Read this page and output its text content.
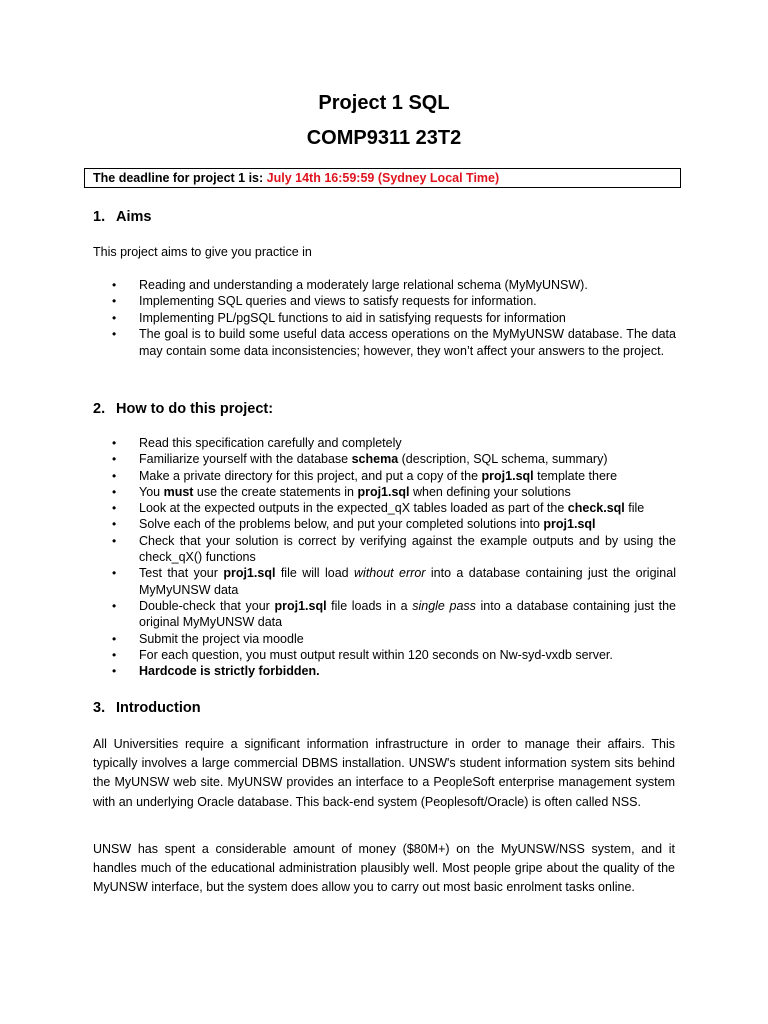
Project 1 SQL
COMP9311 23T2
The deadline for project 1 is: July 14th 16:59:59 (Sydney Local Time)
1. Aims
This project aims to give you practice in
• Reading and understanding a moderately large relational schema (MyMyUNSW).
• Implementing SQL queries and views to satisfy requests for information.
• Implementing PL/pgSQL functions to aid in satisfying requests for information
• The goal is to build some useful data access operations on the MyMyUNSW database. The data may contain some data inconsistencies; however, they won’t affect your answers to the project.
2. How to do this project:
• Read this specification carefully and completely
• Familiarize yourself with the database schema (description, SQL schema, summary)
• Make a private directory for this project, and put a copy of the proj1.sql template there
• You must use the create statements in proj1.sql when defining your solutions
• Look at the expected outputs in the expected_qX tables loaded as part of the check.sql file
• Solve each of the problems below, and put your completed solutions into proj1.sql
• Check that your solution is correct by verifying against the example outputs and by using the check_qX() functions
• Test that your proj1.sql file will load without error into a database containing just the original MyMyUNSW data
• Double-check that your proj1.sql file loads in a single pass into a database containing just the original MyMyUNSW data
• Submit the project via moodle
• For each question, you must output result within 120 seconds on Nw-syd-vxdb server.
• Hardcode is strictly forbidden.
3. Introduction
All Universities require a significant information infrastructure in order to manage their affairs. This typically involves a large commercial DBMS installation. UNSW's student information system sits behind the MyUNSW web site. MyUNSW provides an interface to a PeopleSoft enterprise management system with an underlying Oracle database. This back-end system (Peoplesoft/Oracle) is often called NSS.
UNSW has spent a considerable amount of money ($80M+) on the MyUNSW/NSS system, and it handles much of the educational administration plausibly well. Most people gripe about the quality of the MyUNSW interface, but the system does allow you to carry out most basic enrolment tasks online.
